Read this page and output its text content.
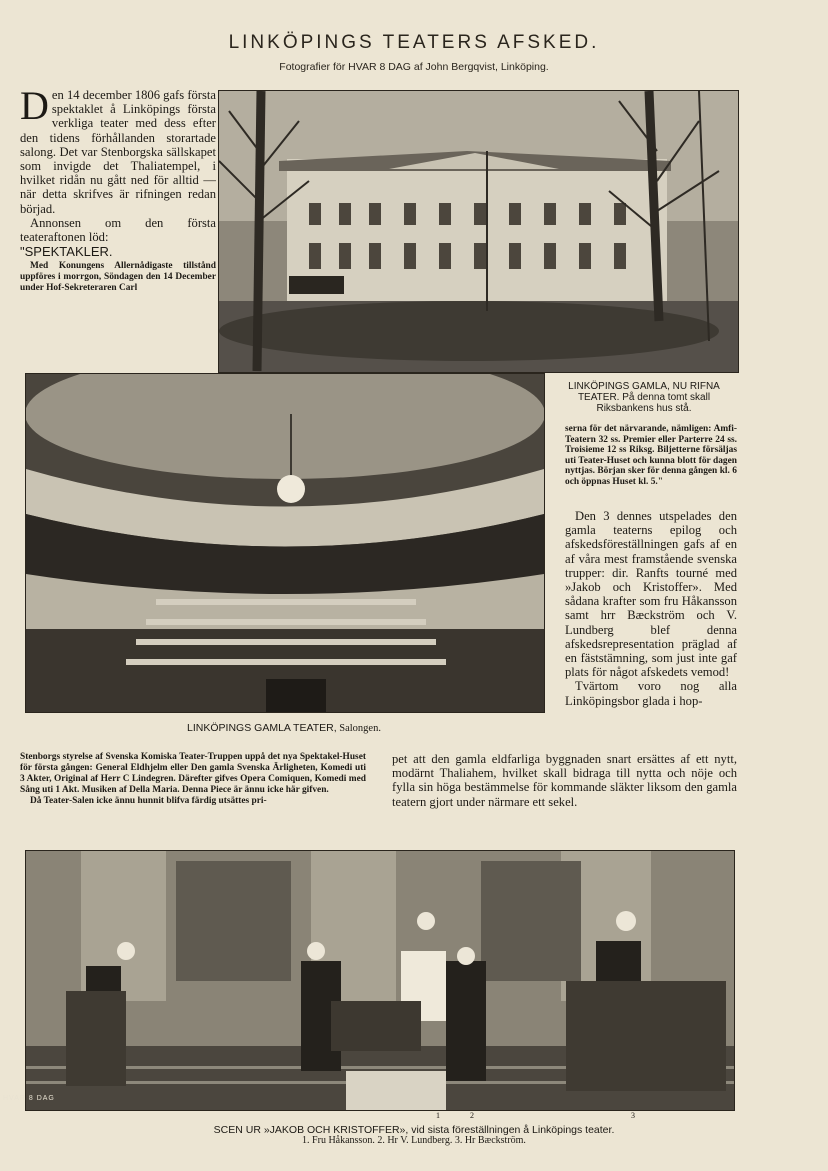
LINKÖPINGS TEATERS AFSKED.
Fotografier för HVAR 8 DAG af John Bergqvist, Linköping.
Den 14 december 1806 gafs första spektaklet å Linköpings första verkliga teater med dess efter den tidens förhållanden storartade salong. Det var Stenborgska sällskapet som invigde det Thaliatempel, i hvilket ridån nu gått ned för alltid — när detta skrifves är rifningen redan börjad.
Annonsen om den första teateraftonen löd:
"SPEKTAKLER.
Med Konungens Allernådigaste tillstånd uppföres i morrgon, Söndagen den 14 December under Hof-Sekreteraren Carl
LINKÖPINGS GAMLA, NU RIFNA TEATER. På denna tomt skall Riksbankens hus stå.
serna för det närvarande, nämligen: Amfi-Teatern 32 ss. Premier eller Parterre 24 ss. Troisieme 12 ss Riksg. Biljetterne försäljas uti Teater-Huset och kunna blott för dagen nyttjas. Början sker för denna gången kl. 6 och öppnas Huset kl. 5."
Den 3 dennes utspelades den gamla teaterns epilog och afskedsföreställningen gafs af en af våra mest framstående svenska trupper: dir. Ranfts tourné med »Jakob och Kristoffer». Med sådana krafter som fru Håkansson samt hrr Bæckström och V. Lundberg blef denna afskedsrepresentation präglad af en fäststämning, som just inte gaf plats för något afskedets vemod!
Tvärtom voro nog alla Linköpingsbor glada i hop-
LINKÖPINGS GAMLA TEATER, Salongen.
Stenborgs styrelse af Svenska Komiska Teater-Truppen uppå det nya Spektakel-Huset för första gången: General Eldhjelm eller Den gamla Svenska Ärligheten, Komedi uti 3 Akter, Original af Herr C Lindegren. Därefter gifves Opera Comiquen, Komedi med Sång uti 1 Akt. Musiken af Della Maria. Denna Piece är ännu icke här gifven.
Då Teater-Salen icke ännu hunnit blifva färdig utsättes pri-
pet att den gamla eldfarliga byggnaden snart ersättes af ett nytt, modärnt Thaliahem, hvilket skall bidraga till nytta och nöje och fylla sin höga bestämmelse för kommande släkter liksom den gamla teatern gjort under närmare ett sekel.
HVAR 8 DAG
1	2	3
SCEN UR »JAKOB OCH KRISTOFFER», vid sista föreställningen å Linköpings teater.
1. Fru Håkansson. 2. Hr V. Lundberg. 3. Hr Bæckström.
